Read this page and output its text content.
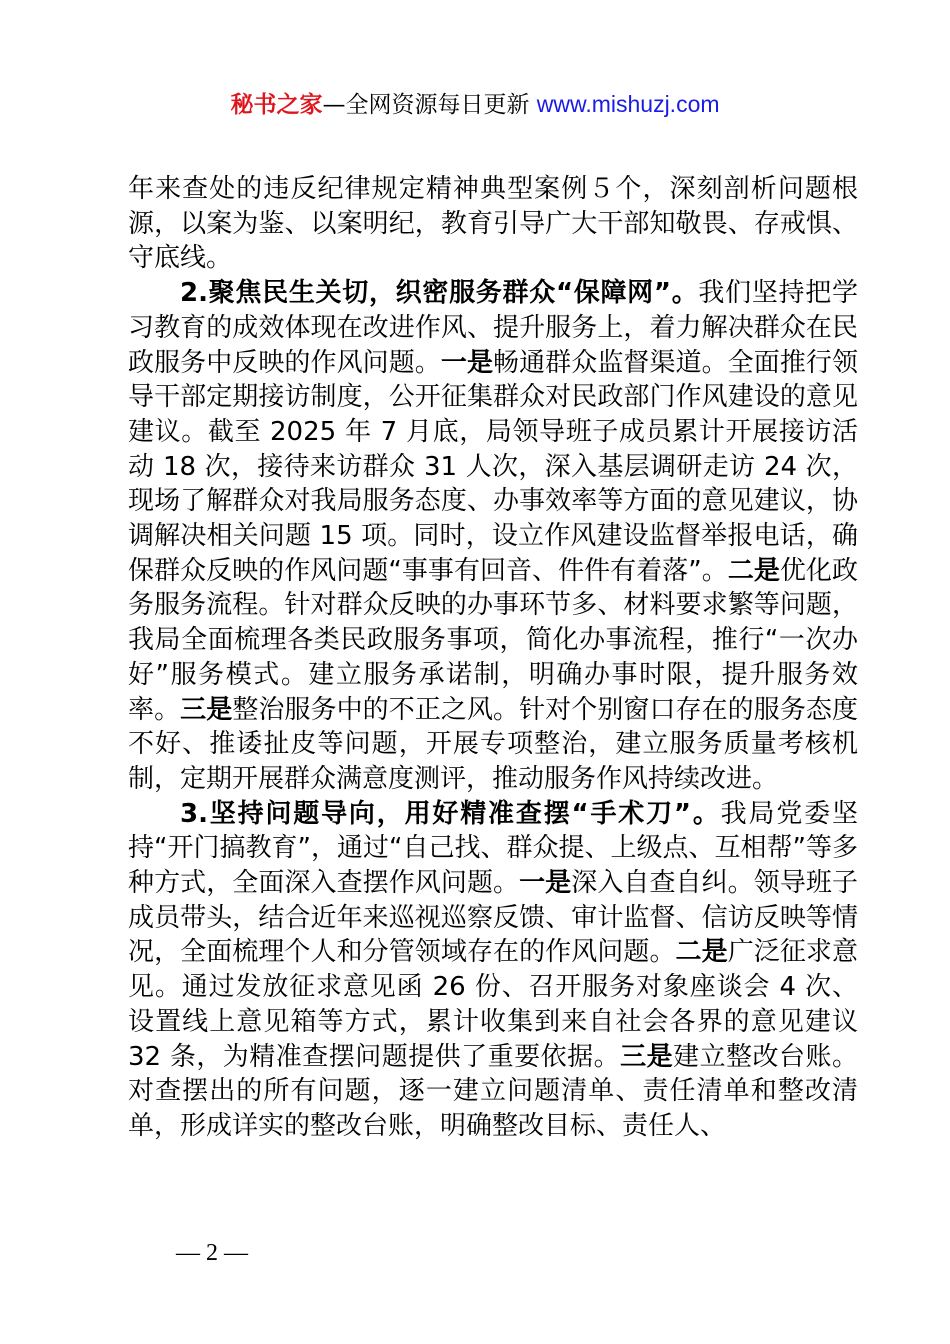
秘书之家—全网资源每日更新 www.mishuzj.com

年来查处的违反纪律规定精神典型案例５个，深刻剖析问题根源，以案为鉴、以案明纪，教育引导广大干部知敬畏、存戒惧、守底线。

2.聚焦民生关切，织密服务群众“保障网”。我们坚持把学习教育的成效体现在改进作风、提升服务上，着力解决群众在民政服务中反映的作风问题。一是畅通群众监督渠道。全面推行领导干部定期接访制度，公开征集群众对民政部门作风建设的意见建议。截至 2025 年 7 月底，局领导班子成员累计开展接访活动 18 次，接待来访群众 31 人次，深入基层调研走访 24 次，现场了解群众对我局服务态度、办事效率等方面的意见建议，协调解决相关问题 15 项。同时，设立作风建设监督举报电话，确保群众反映的作风问题“事事有回音、件件有着落”。二是优化政务服务流程。针对群众反映的办事环节多、材料要求繁等问题，我局全面梳理各类民政服务事项，简化办事流程，推行“一次办好”服务模式。建立服务承诺制，明确办事时限，提升服务效率。三是整治服务中的不正之风。针对个别窗口存在的服务态度不好、推诿扯皮等问题，开展专项整治，建立服务质量考核机制，定期开展群众满意度测评，推动服务作风持续改进。

3.坚持问题导向，用好精准查摆“手术刀”。我局党委坚持“开门搞教育”，通过“自己找、群众提、上级点、互相帮”等多种方式，全面深入查摆作风问题。一是深入自查自纠。领导班子成员带头，结合近年来巡视巡察反馈、审计监督、信访反映等情况，全面梳理个人和分管领域存在的作风问题。二是广泛征求意见。通过发放征求意见函 26 份、召开服务对象座谈会 4 次、设置线上意见箱等方式，累计收集到来自社会各界的意见建议 32 条，为精准查摆问题提供了重要依据。三是建立整改台账。对查摆出的所有问题，逐一建立问题清单、责任清单和整改清单，形成详实的整改台账，明确整改目标、责任人、

— 2 —
